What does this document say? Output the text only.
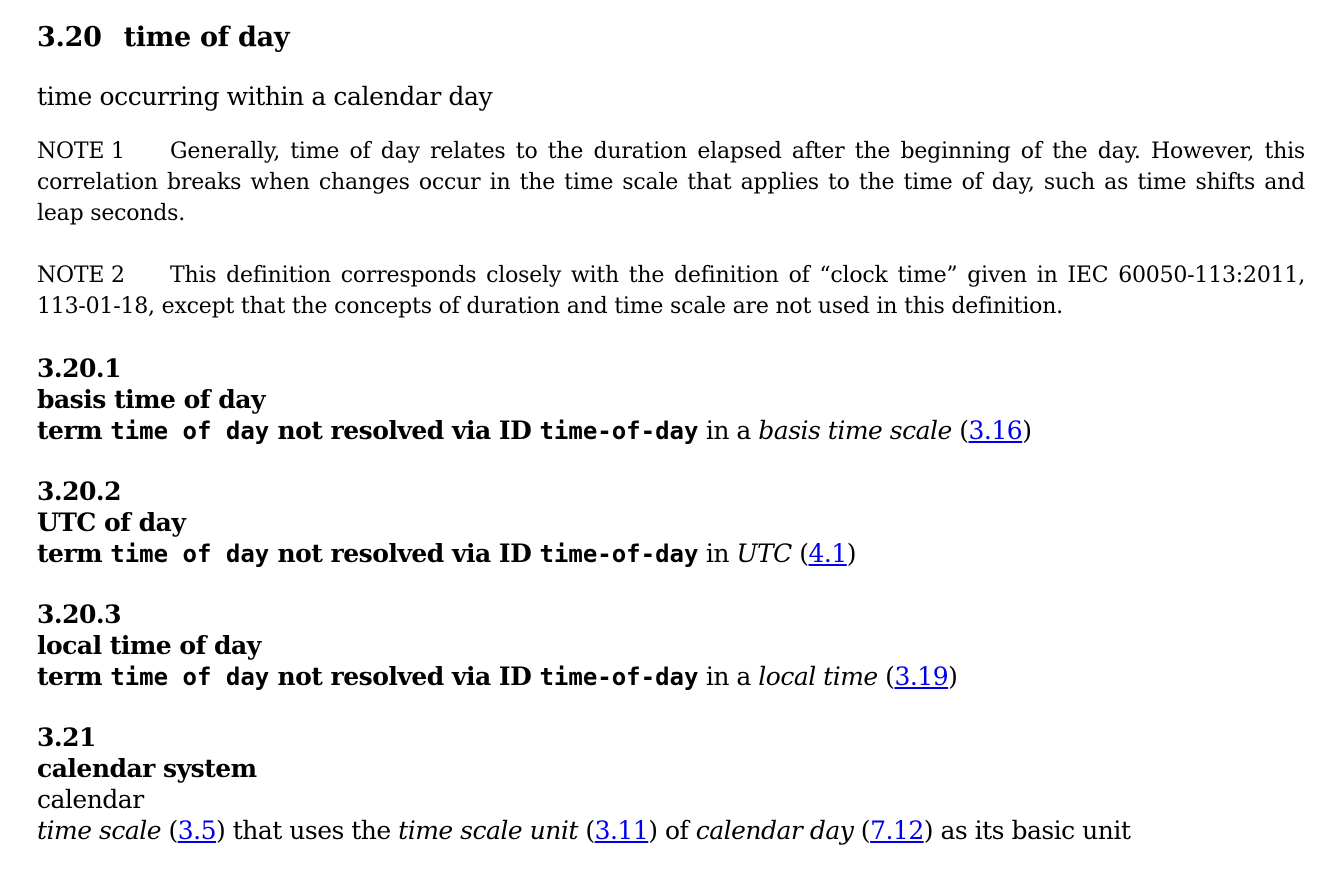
3.20 time of day
time occurring within a calendar day
NOTE 1 Generally, time of day relates to the duration elapsed after the beginning of the day. However, this correlation breaks when changes occur in the time scale that applies to the time of day, such as time shifts and leap seconds.
NOTE 2 This definition corresponds closely with the definition of “clock time” given in IEC 60050-113:2011, 113-01-18, except that the concepts of duration and time scale are not used in this definition.
3.20.1
basis time of day
term time of day not resolved via ID time-of-day in a basis time scale (3.16)
3.20.2
UTC of day
term time of day not resolved via ID time-of-day in UTC (4.1)
3.20.3
local time of day
term time of day not resolved via ID time-of-day in a local time (3.19)
3.21
calendar system
calendar
time scale (3.5) that uses the time scale unit (3.11) of calendar day (7.12) as its basic unit
